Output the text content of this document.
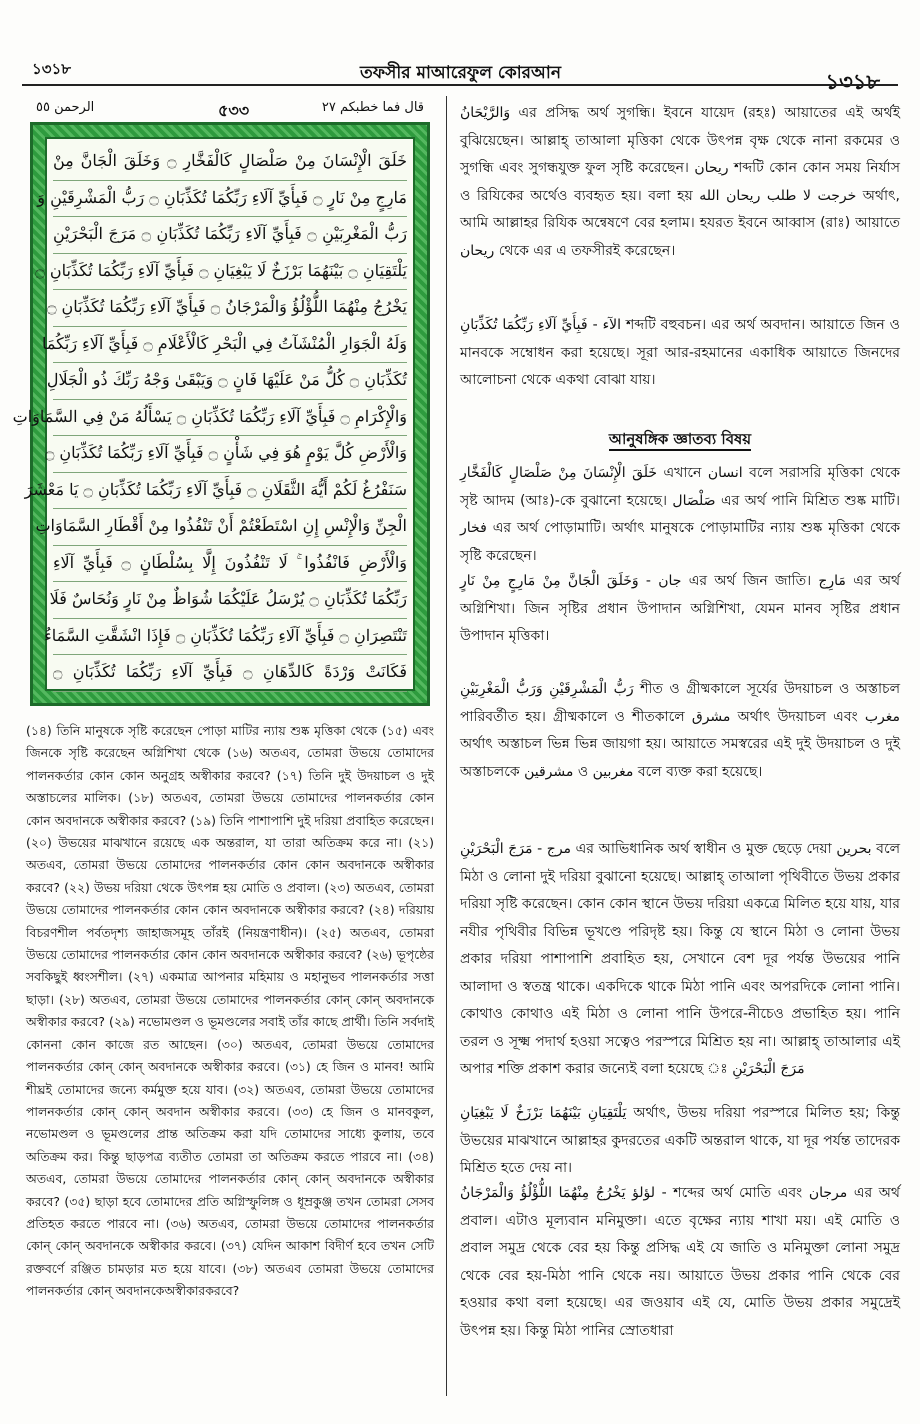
১৩১৮	তফসীর মাআরেফুল কোরআন	১৩১৮
الرحمن ٥٥	৫৩৩	قال فما خطبكم ٢٧
خَلَقَ الْإِنْسَانَ مِنْ صَلْصَالٍ كَالْفَخَّارِ ۝ وَخَلَقَ الْجَانَّ مِنْ
مَارِجٍ مِنْ نَارٍ ۝ فَبِأَيِّ آلَاءِ رَبِّكُمَا تُكَذِّبَانِ ۝ رَبُّ الْمَشْرِقَيْنِ وَ
رَبُّ الْمَغْرِبَيْنِ ۝ فَبِأَيِّ آلَاءِ رَبِّكُمَا تُكَذِّبَانِ ۝ مَرَجَ الْبَحْرَيْنِ
يَلْتَقِيَانِ ۝ بَيْنَهُمَا بَرْزَخٌ لَا يَبْغِيَانِ ۝ فَبِأَيِّ آلَاءِ رَبِّكُمَا تُكَذِّبَانِ ۝
يَخْرُجُ مِنْهُمَا اللُّؤْلُؤُ وَالْمَرْجَانُ ۝ فَبِأَيِّ آلَاءِ رَبِّكُمَا تُكَذِّبَانِ ۝
وَلَهُ الْجَوَارِ الْمُنْشَآتُ فِي الْبَحْرِ كَالْأَعْلَامِ ۝ فَبِأَيِّ آلَاءِ رَبِّكُمَا
تُكَذِّبَانِ ۝ كُلُّ مَنْ عَلَيْهَا فَانٍ ۝ وَيَبْقَىٰ وَجْهُ رَبِّكَ ذُو الْجَلَالِ
وَالْإِكْرَامِ ۝ فَبِأَيِّ آلَاءِ رَبِّكُمَا تُكَذِّبَانِ ۝ يَسْأَلُهُ مَنْ فِي السَّمَاوَاتِ
وَالْأَرْضِ كُلَّ يَوْمٍ هُوَ فِي شَأْنٍ ۝ فَبِأَيِّ آلَاءِ رَبِّكُمَا تُكَذِّبَانِ ۝
سَنَفْرُغُ لَكُمْ أَيُّهَ الثَّقَلَانِ ۝ فَبِأَيِّ آلَاءِ رَبِّكُمَا تُكَذِّبَانِ ۝ يَا مَعْشَرَ
الْجِنِّ وَالْإِنْسِ إِنِ اسْتَطَعْتُمْ أَنْ تَنْفُذُوا مِنْ أَقْطَارِ السَّمَاوَاتِ
وَالْأَرْضِ فَانْفُذُوا ۚ لَا تَنْفُذُونَ إِلَّا بِسُلْطَانٍ ۝ فَبِأَيِّ آلَاءِ
رَبِّكُمَا تُكَذِّبَانِ ۝ يُرْسَلُ عَلَيْكُمَا شُوَاظٌ مِنْ نَارٍ وَنُحَاسٌ فَلَا
تَنْتَصِرَانِ ۝ فَبِأَيِّ آلَاءِ رَبِّكُمَا تُكَذِّبَانِ ۝ فَإِذَا انْشَقَّتِ السَّمَاءُ
فَكَانَتْ وَرْدَةً كَالدِّهَانِ ۝ فَبِأَيِّ آلَاءِ رَبِّكُمَا تُكَذِّبَانِ ۝
(১৪) তিনি মানুষকে সৃষ্টি করেছেন পোড়া মাটির ন্যায় শুষ্ক মৃত্তিকা থেকে (১৫) এবং জিনকে সৃষ্টি করেছেন অগ্নিশিখা থেকে (১৬) অতএব, তোমরা উভয়ে তোমাদের পালনকর্তার কোন কোন অনুগ্রহ অস্বীকার করবে? (১৭) তিনি দুই উদয়াচল ও দুই অস্তাচলের মালিক। (১৮) অতএব, তোমরা উভয়ে তোমাদের পালনকর্তার কোন কোন অবদানকে অস্বীকার করবে? (১৯) তিনি পাশাপাশি দুই দরিয়া প্রবাহিত করেছেন। (২০) উভয়ের মাঝখানে রয়েছে এক অন্তরাল, যা তারা অতিক্রম করে না। (২১) অতএব, তোমরা উভয়ে তোমাদের পালনকর্তার কোন কোন অবদানকে অস্বীকার করবে? (২২) উভয় দরিয়া থেকে উৎপন্ন হয় মোতি ও প্রবাল। (২৩) অতএব, তোমরা উভয়ে তোমাদের পালনকর্তার কোন কোন অবদানকে অস্বীকার করবে? (২৪) দরিয়ায় বিচরণশীল পর্বতদৃশ্য জাহাজসমূহ তাঁরই (নিয়ন্ত্রণাধীন)। (২৫) অতএব, তোমরা উভয়ে তোমাদের পালনকর্তার কোন কোন অবদানকে অস্বীকার করবে? (২৬) ভূপৃষ্ঠের সবকিছুই ধ্বংসশীল। (২৭) একমাত্র আপনার মহিমায় ও মহানুভব পালনকর্তার সত্তা ছাড়া। (২৮) অতএব, তোমরা উভয়ে তোমাদের পালনকর্তার কোন্ কোন্ অবদানকে অস্বীকার করবে? (২৯) নভোমণ্ডল ও ভূমণ্ডলের সবাই তাঁর কাছে প্রার্থী। তিনি সর্বদাই কোননা কোন কাজে রত আছেন। (৩০) অতএব, তোমরা উভয়ে তোমাদের পালনকর্তার কোন্ কোন্ অবদানকে অস্বীকার করবে। (৩১) হে জিন ও মানব! আমি শীঘ্রই তোমাদের জন্যে কর্মমুক্ত হয়ে যাব। (৩২) অতএব, তোমরা উভয়ে তোমাদের পালনকর্তার কোন্ কোন্ অবদান অস্বীকার করবে। (৩৩) হে জিন ও মানবকুল, নভোমণ্ডল ও ভূমণ্ডলের প্রান্ত অতিক্রম করা যদি তোমাদের সাধ্যে কুলায়, তবে অতিক্রম কর। কিন্তু ছাড়পত্র ব্যতীত তোমরা তা অতিক্রম করতে পারবে না। (৩৪) অতএব, তোমরা উভয়ে তোমাদের পালনকর্তার কোন্ কোন্ অবদানকে অস্বীকার করবে? (৩৫) ছাড়া হবে তোমাদের প্রতি অগ্নিস্ফুলিঙ্গ ও ধূম্রকুঞ্জ তখন তোমরা সেসব প্রতিহত করতে পারবে না। (৩৬) অতএব, তোমরা উভয়ে তোমাদের পালনকর্তার কোন্ কোন্ অবদানকে অস্বীকার করবে। (৩৭) যেদিন আকাশ বিদীর্ণ হবে তখন সেটি রক্তবর্ণে রঞ্জিত চামড়ার মত হয়ে যাবে। (৩৮) অতএব তোমরা উভয়ে তোমাদের পালনকর্তার কোন্ অবদানকেঅস্বীকারকরবে?
وَالرَّيْحَانُ এর প্রসিদ্ধ অর্থ সুগন্ধি। ইবনে যায়েদ (রহঃ) আয়াতের এই অর্থই বুঝিয়েছেন। আল্লাহ্ তাআলা মৃত্তিকা থেকে উৎপন্ন বৃক্ষ থেকে নানা রকমের ও সুগন্ধি এবং সুগন্ধযুক্ত ফুল সৃষ্টি করেছেন। ريحان শব্দটি কোন কোন সময় নির্যাস ও রিযিকের অর্থেও ব্যবহৃত হয়। বলা হয় خرجت لا طلب ريحان الله অর্থাৎ, আমি আল্লাহর রিযিক অন্বেষণে বের হলাম। হযরত ইবনে আব্বাস (রাঃ) আয়াতে ريحان থেকে এর এ তফসীরই করেছেন।
فَبِأَيِّ آلَاءِ رَبِّكُمَا تُكَذِّبَانِ - الآء শব্দটি বহুবচন। এর অর্থ অবদান। আয়াতে জিন ও মানবকে সম্বোধন করা হয়েছে। সূরা আর-রহমানের একাধিক আয়াতে জিনদের আলোচনা থেকে একথা বোঝা যায়।
আনুষঙ্গিক জ্ঞাতব্য বিষয়
خَلَقَ الْإِنْسَانَ مِنْ صَلْصَالٍ كَالْفَخَّارِ এখানে انسان বলে সরাসরি মৃত্তিকা থেকে সৃষ্ট আদম (আঃ)-কে বুঝানো হয়েছে। صَلْصَال এর অর্থ পানি মিশ্রিত শুষ্ক মাটি। فخار এর অর্থ পোড়ামাটি। অর্থাৎ মানুষকে পোড়ামাটির ন্যায় শুষ্ক মৃত্তিকা থেকে সৃষ্টি করেছেন।
وَخَلَقَ الْجَانَّ مِنْ مَارِجٍ مِنْ نَارٍ - جان এর অর্থ জিন জাতি। مَارِج এর অর্থ অগ্নিশিখা। জিন সৃষ্টির প্রধান উপাদান অগ্নিশিখা, যেমন মানব সৃষ্টির প্রধান উপাদান মৃত্তিকা।
رَبُّ الْمَشْرِقَيْنِ وَرَبُّ الْمَغْرِبَيْنِ শীত ও গ্রীষ্মকালে সূর্যের উদয়াচল ও অস্তাচল পারিবর্তীত হয়। গ্রীষ্মকালে ও শীতকালে مشرق অর্থাৎ উদয়াচল এবং مغرب অর্থাৎ অস্তাচল ভিন্ন ভিন্ন জায়গা হয়। আয়াতে সমস্বরের এই দুই উদয়াচল ও দুই অস্তাচলকে مشرقين ও مغربين বলে ব্যক্ত করা হয়েছে।
مَرَجَ الْبَحْرَيْنِ - مرج এর আভিধানিক অর্থ স্বাধীন ও মুক্ত ছেড়ে দেয়া بحرين বলে মিঠা ও লোনা দুই দরিয়া বুঝানো হয়েছে। আল্লাহ্ তাআলা পৃথিবীতে উভয় প্রকার দরিয়া সৃষ্টি করেছেন। কোন কোন স্থানে উভয় দরিয়া একত্রে মিলিত হয়ে যায়, যার নযীর পৃথিবীর বিভিন্ন ভূখণ্ডে পরিদৃষ্ট হয়। কিন্তু যে স্থানে মিঠা ও লোনা উভয় প্রকার দরিয়া পাশাপাশি প্রবাহিত হয়, সেখানে বেশ দূর পর্যন্ত উভয়ের পানি আলাদা ও স্বতন্ত্র থাকে। একদিকে থাকে মিঠা পানি এবং অপরদিকে লোনা পানি। কোথাও কোথাও এই মিঠা ও লোনা পানি উপরে-নীচেও প্রভাহিত হয়। পানি তরল ও সূক্ষ্ম পদার্থ হওয়া সত্বেও পরস্পরে মিশ্রিত হয় না। আল্লাহ্ তাআলার এই অপার শক্তি প্রকাশ করার জন্যেই বলা হয়েছে ঃ مَرَجَ الْبَحْرَيْنِ
يَلْتَقِيَانِ بَيْنَهُمَا بَرْزَخٌ لَا يَبْغِيَانِ অর্থাৎ, উভয় দরিয়া পরস্পরে মিলিত হয়; কিন্তু উভয়ের মাঝখানে আল্লাহর কুদরতের একটি অন্তরাল থাকে, যা দূর পর্যন্ত তাদেরক মিশ্রিত হতে দেয় না।
يَخْرُجُ مِنْهُمَا اللُّؤْلُؤُ وَالْمَرْجَانُ لؤلؤ - শব্দের অর্থ মোতি এবং مرجان এর অর্থ প্রবাল। এটাও মূল্যবান মনিমুক্তা। এতে বৃক্ষের ন্যায় শাখা ময়। এই মোতি ও প্রবাল সমুদ্র থেকে বের হয় কিন্তু প্রসিদ্ধ এই যে জাতি ও মনিমুক্তা লোনা সমুদ্র থেকে বের হয়-মিঠা পানি থেকে নয়। আয়াতে উভয় প্রকার পানি থেকে বের হওয়ার কথা বলা হয়েছে। এর জওয়াব এই যে, মোতি উভয় প্রকার সমুদ্রেই উৎপন্ন হয়। কিন্তু মিঠা পানির স্রোতধারা
